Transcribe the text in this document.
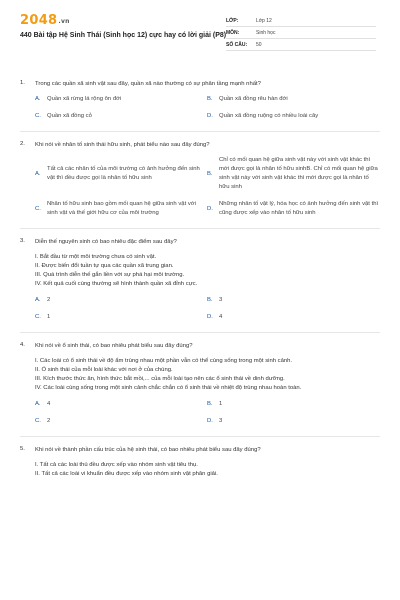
2048.vn
440 Bài tập Hệ Sinh Thái (Sinh học 12) cực hay có lời giải (P8)
LỚP:	Lớp 12
MÔN:	Sinh học
SỐ CÂU:	50
1. Trong các quần xã sinh vật sau đây, quần xã nào thường có sự phân tầng mạnh nhất?
A.	Quần xã rừng lá rộng ôn đới	B.	Quần xã đồng rêu hàn đới
C.	Quần xã đồng cỏ	D.	Quần xã đồng ruộng có nhiều loài cây
2. Khi nói về nhân tố sinh thái hữu sinh, phát biểu nào sau đây đúng?
A.
Tất cả các nhân tố của môi trường có ảnh hưởng đến sinh vật thì đều được gọi là nhân tố hữu sinh
B.
Chỉ có mối quan hệ giữa sinh vật này với sinh vật khác thì mới được gọi là nhân tố hữu sinhB. Chỉ có mối quan hệ giữa sinh vật này với sinh vật khác thì mới được gọi là nhân tố hữu sinh
C.
Nhân tố hữu sinh bao gồm mối quan hệ giữa sinh vật với sinh vật và thế giới hữu cơ của môi trường
D.
Những nhân tố vật lý, hóa học có ảnh hưởng đến sinh vật thì cũng được xếp vào nhân tố hữu sinh
3. Diễn thế nguyên sinh có bao nhiêu đặc điểm sau đây?
I. Bắt đầu từ một môi trường chưa có sinh vật.
II. Được biến đổi tuần tự qua các quần xã trung gian.
III. Quá trình diễn thế gắn liền với sự phá hại môi trường.
IV. Kết quả cuối cùng thường sẽ hình thành quần xã đỉnh cực.
A.	2	B.	3
C.	1	D.	4
4. Khi nói về ổ sinh thái, có bao nhiêu phát biểu sau đây đúng?
I. Các loài có ổ sinh thái về độ ẩm trùng nhau một phần vẫn có thể cùng sống trong một sinh cảnh.
II. Ổ sinh thái của mỗi loài khác với nơi ở của chúng.
III. Kích thước thức ăn, hình thức bắt mồi,... của mỗi loài tạo nên các ổ sinh thái về dinh dưỡng.
IV. Các loài cùng sống trong một sinh cảnh chắc chắn có ổ sinh thái về nhiệt độ trùng nhau hoàn toàn.
A.	4	B.	1
C.	2	D.	3
5. Khi nói về thành phần cấu trúc của hệ sinh thái, có bao nhiêu phát biểu sau đây đúng?
I. Tất cả các loài thú đều được xếp vào nhóm sinh vật tiêu thụ.
II. Tất cả các loài vi khuẩn đều được xếp vào nhóm sinh vật phân giải.
